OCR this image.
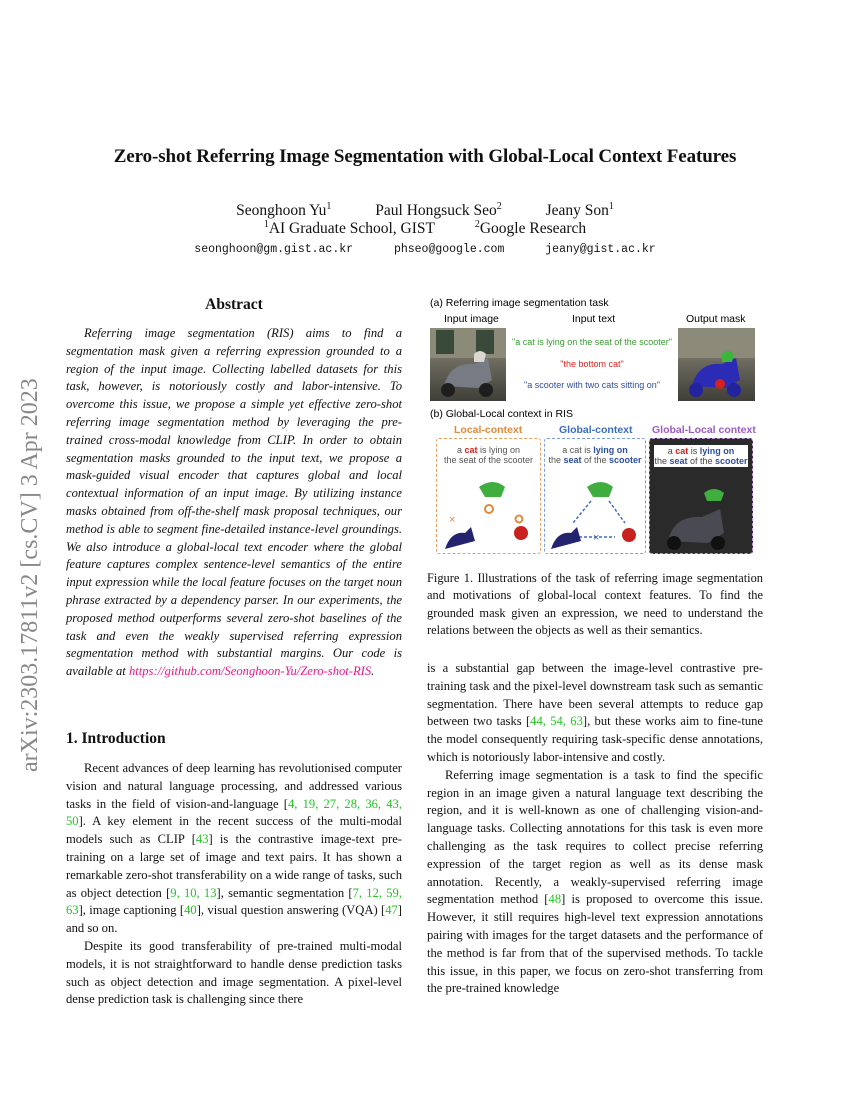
Zero-shot Referring Image Segmentation with Global-Local Context Features
Seonghoon Yu$^1$	Paul Hongsuck Seo$^2$	Jeany Son$^1$
$^1$AI Graduate School, GIST	$^2$Google Research
seonghoon@gm.gist.ac.kr	phseo@google.com	jeany@gist.ac.kr
arXiv:2303.17811v2 [cs.CV] 3 Apr 2023
Abstract

Referring image segmentation (RIS) aims to find a segmentation mask given a referring expression grounded to a region of the input image. Collecting labelled datasets for this task, however, is notoriously costly and labor-intensive. To overcome this issue, we propose a simple yet effective zero-shot referring image segmentation method by leveraging the pre-trained cross-modal knowledge from CLIP. In order to obtain segmentation masks grounded to the input text, we propose a mask-guided visual encoder that captures global and local contextual information of an input image. By utilizing instance masks obtained from off-the-shelf mask proposal techniques, our method is able to segment fine-detailed instance-level groundings. We also introduce a global-local text encoder where the global feature captures complex sentence-level semantics of the entire input expression while the local feature focuses on the target noun phrase extracted by a dependency parser. In our experiments, the proposed method outperforms several zero-shot baselines of the task and even the weakly supervised referring expression segmentation method with substantial margins. Our code is available at https://github.com/Seonghoon-Yu/Zero-shot-RIS.

1. Introduction

Recent advances of deep learning has revolutionised computer vision and natural language processing, and addressed various tasks in the field of vision-and-language [4, 19, 27, 28, 36, 43, 50]. A key element in the recent success of the multi-modal models such as CLIP [43] is the contrastive image-text pre-training on a large set of image and text pairs. It has shown a remarkable zero-shot transferability on a wide range of tasks, such as object detection [9, 10, 13], semantic segmentation [7, 12, 59, 63], image captioning [40], visual question answering (VQA) [47] and so on.

Despite its good transferability of pre-trained multi-modal models, it is not straightforward to handle dense prediction tasks such as object detection and image segmentation. A pixel-level dense prediction task is challenging since there

(a) Referring image segmentation task
Input image	Input text	Output mask
"a cat is lying on the seat of the scooter"
"the bottom cat"
"a scooter with two cats sitting on"
(b) Global-Local context in RIS
Local-context
a cat is lying on
the seat of the scooter
×
Global-context
a cat is lying on
the seat of the scooter
×
Global-Local context
a cat is lying on
the seat of the scooter
Figure 1. Illustrations of the task of referring image segmentation and motivations of global-local context features. To find the grounded mask given an expression, we need to understand the relations between the objects as well as their semantics.

is a substantial gap between the image-level contrastive pre-training task and the pixel-level downstream task such as semantic segmentation. There have been several attempts to reduce gap between two tasks [44, 54, 63], but these works aim to fine-tune the model consequently requiring task-specific dense annotations, which is notoriously labor-intensive and costly.

Referring image segmentation is a task to find the specific region in an image given a natural language text describing the region, and it is well-known as one of challenging vision-and-language tasks. Collecting annotations for this task is even more challenging as the task requires to collect precise referring expression of the target region as well as its dense mask annotation. Recently, a weakly-supervised referring image segmentation method [48] is proposed to overcome this issue. However, it still requires high-level text expression annotations pairing with images for the target datasets and the performance of the method is far from that of the supervised methods. To tackle this issue, in this paper, we focus on zero-shot transferring from the pre-trained knowledge
